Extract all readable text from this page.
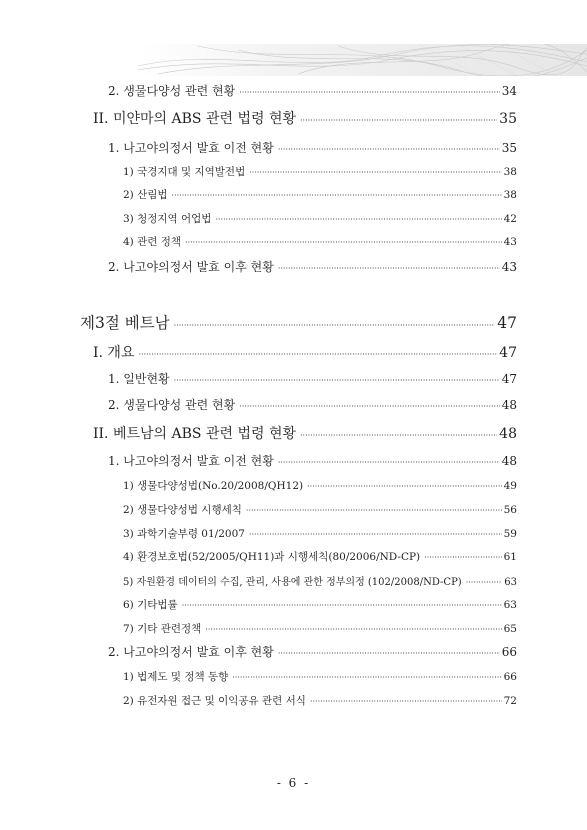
2. 생물다양성 관련 현황 ·····	34
II. 미얀마의 ABS 관련 법령 현황 ·····	35
1. 나고야의정서 발효 이전 현황 ·····	35
1) 국경지대 및 지역발전법 ·····	38
2) 산림법 ·····	38
3) 청정지역 어업법 ·····	42
4) 관련 정책 ·····	43
2. 나고야의정서 발효 이후 현황 ·····	43
제3절 베트남 ·····	47
I. 개요 ·····	47
1. 일반현황 ·····	47
2. 생물다양성 관련 현황 ·····	48
II. 베트남의 ABS 관련 법령 현황 ·····	48
1. 나고야의정서 발효 이전 현황 ·····	48
1) 생물다양성법(No.20/2008/QH12) ·····	49
2) 생물다양성법 시행세칙 ·····	56
3) 과학기술부령 01/2007 ·····	59
4) 환경보호법(52/2005/QH11)과 시행세칙(80/2006/ND-CP) ·····	61
5) 자원환경 데이터의 수집, 관리, 사용에 관한 정부의정 (102/2008/ND-CP) ·····	63
6) 기타법률 ·····	63
7) 기타 관련정책 ·····	65
2. 나고야의정서 발효 이후 현황 ·····	66
1) 법제도 및 정책 동향 ·····	66
2) 유전자원 접근 및 이익공유 관련 서식 ·····	72
- 6 -
